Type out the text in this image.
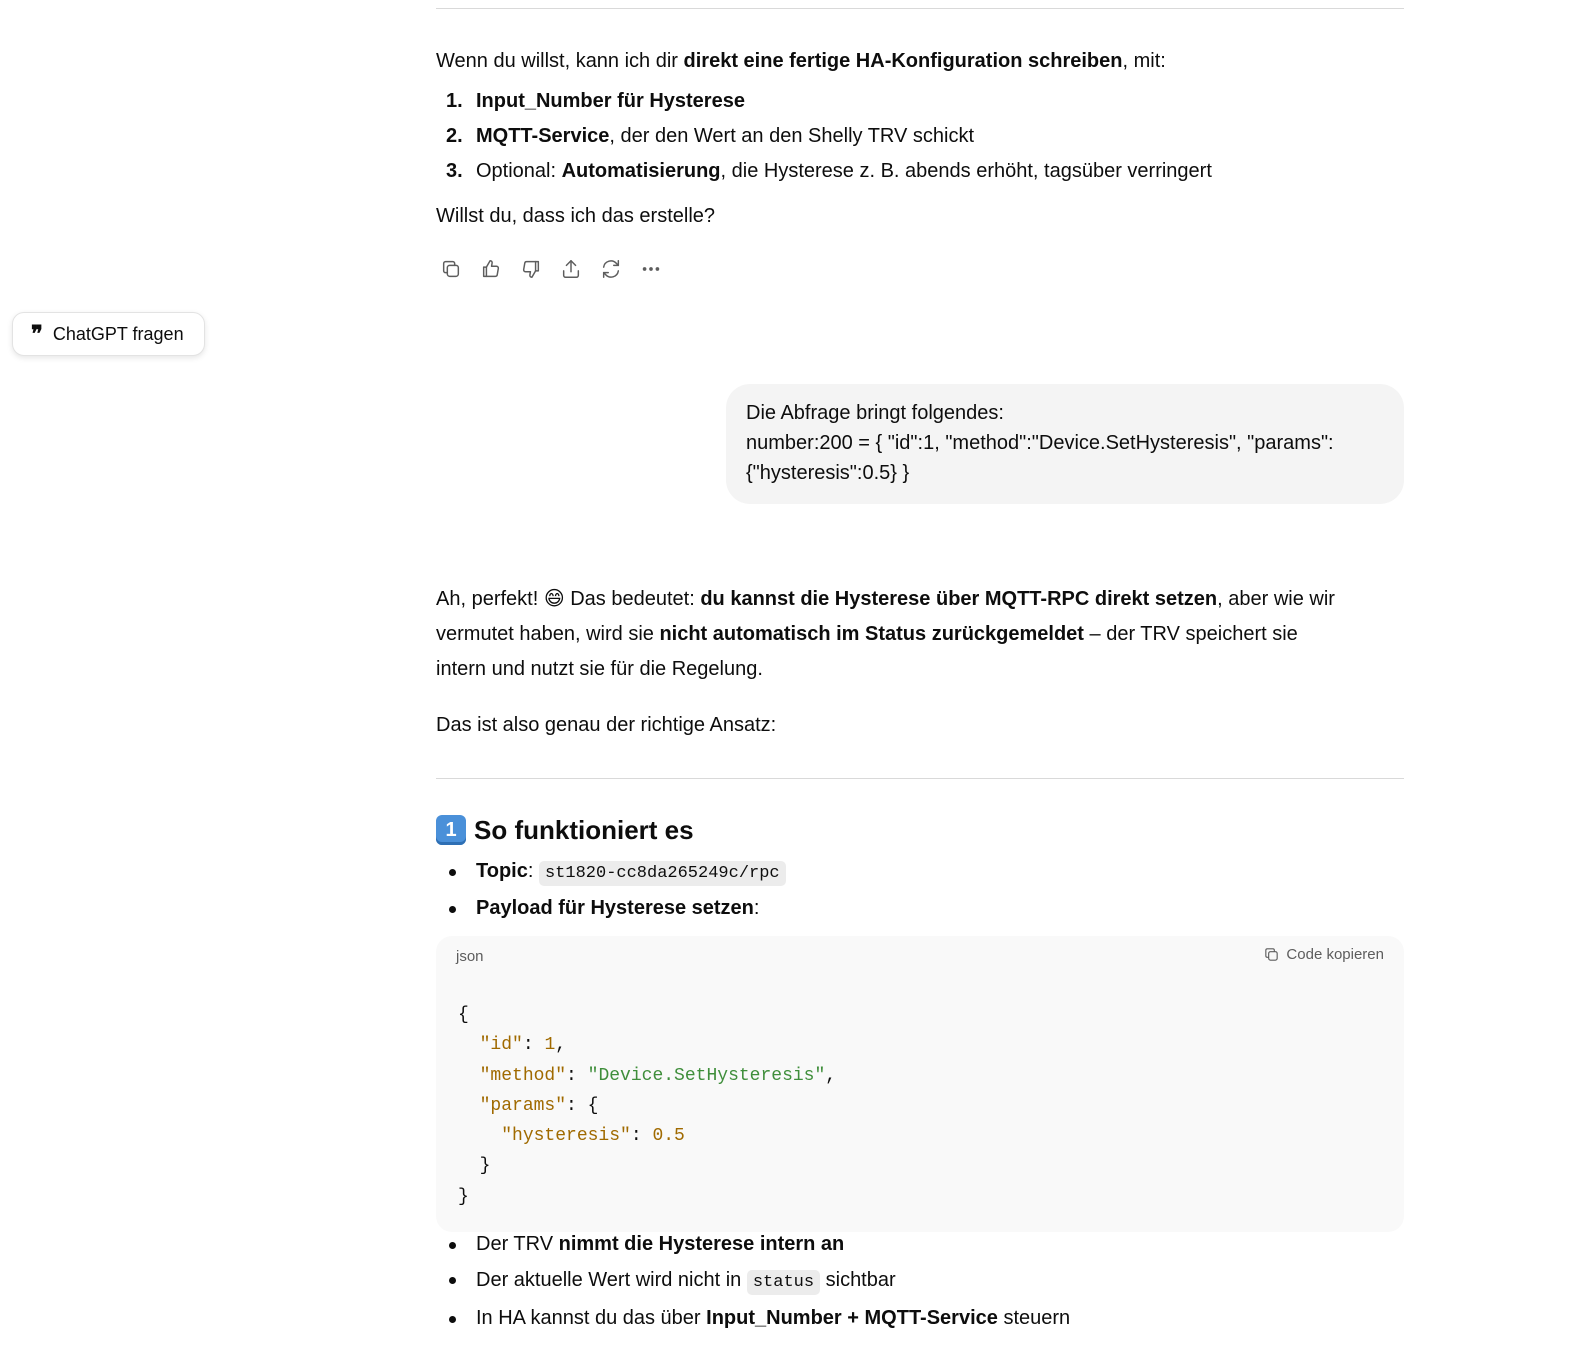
Wenn du willst, kann ich dir direkt eine fertige HA-Konfiguration schreiben, mit:

1. Input_Number für Hysterese
2. MQTT-Service, der den Wert an den Shelly TRV schickt
3. Optional: Automatisierung, die Hysterese z. B. abends erhöht, tagsüber verringert

Willst du, dass ich das erstelle?

❞ ChatGPT fragen
Die Abfrage bringt folgendes:
number:200 = { "id":1, "method":"Device.SetHysteresis", "params":
{"hysteresis":0.5} }

Ah, perfekt! 😄 Das bedeutet: du kannst die Hysterese über MQTT-RPC direkt setzen, aber wie wir
vermutet haben, wird sie nicht automatisch im Status zurückgemeldet – der TRV speichert sie
intern und nutzt sie für die Regelung.

Das ist also genau der richtige Ansatz:

1 So funktioniert es
Topic: st1820-cc8da265249c/rpc
Payload für Hysterese setzen:
json	Code kopieren
{
"id": 1,
"method": "Device.SetHysteresis",
"params": {
"hysteresis": 0.5
}
}
Der TRV nimmt die Hysterese intern an
Der aktuelle Wert wird nicht in status sichtbar
In HA kannst du das über Input_Number + MQTT-Service steuern
